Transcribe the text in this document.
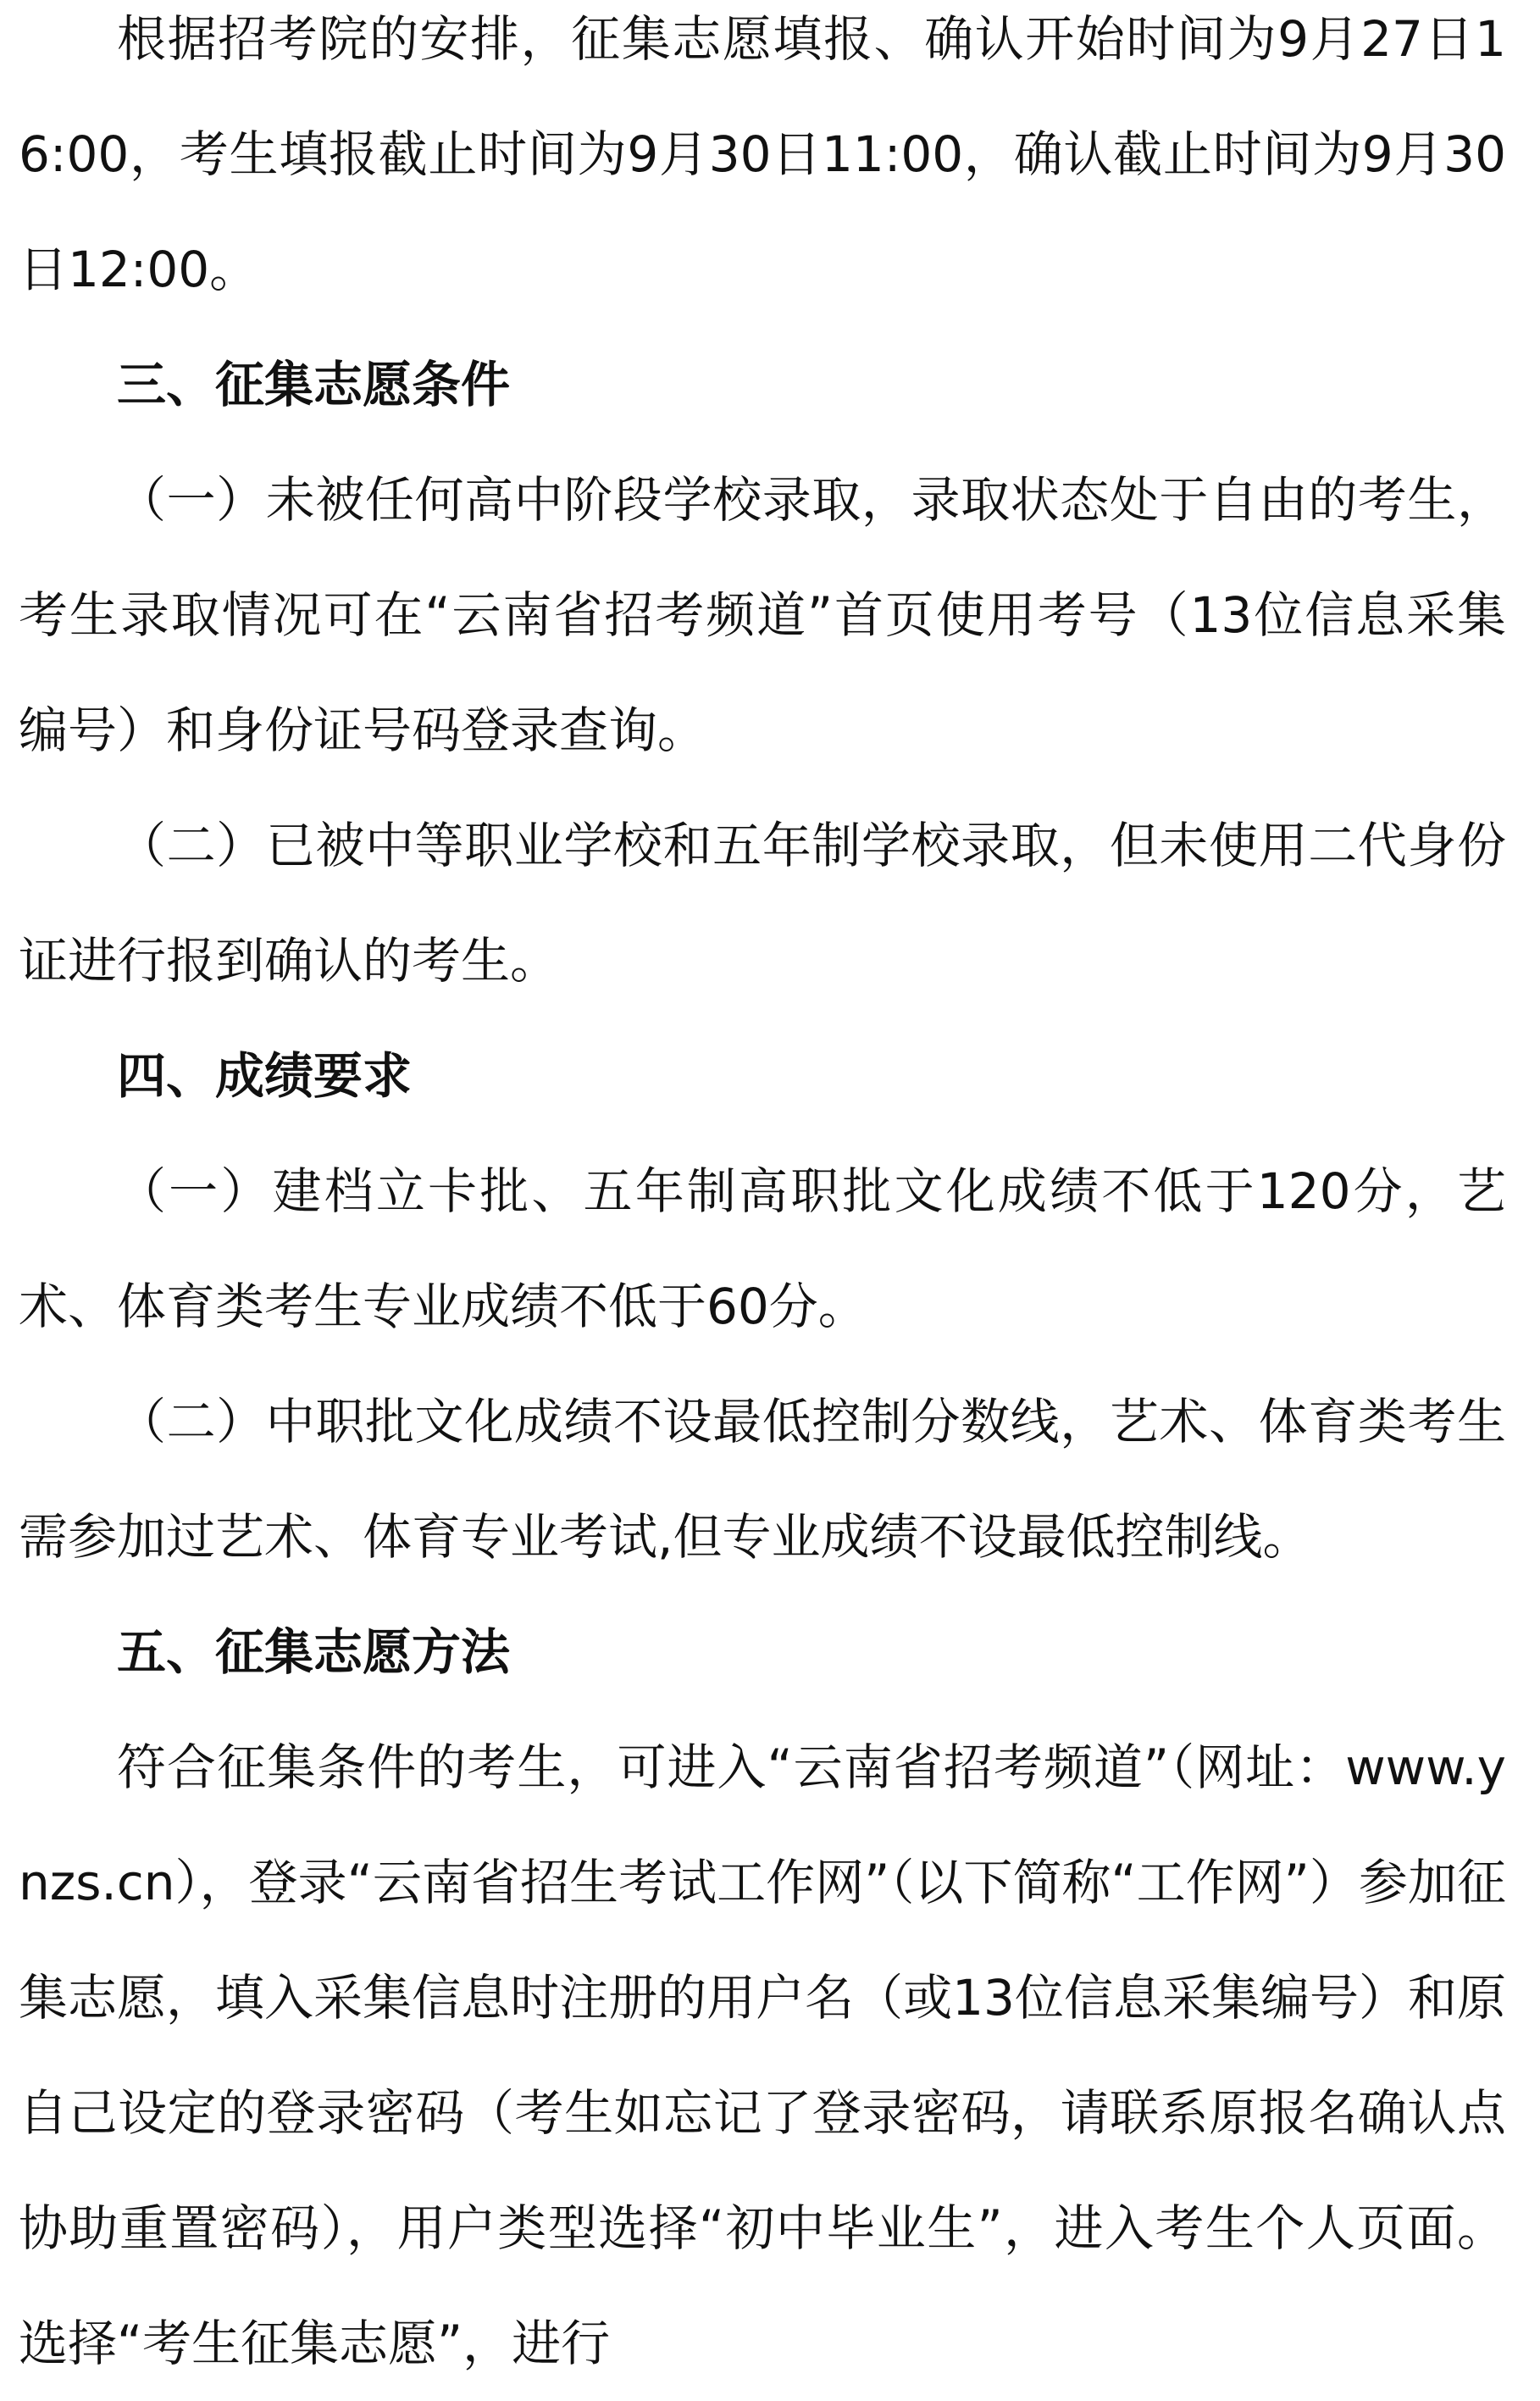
根据招考院的安排，征集志愿填报、确认开始时间为9月27日16:00，考生填报截止时间为9月30日11:00，确认截止时间为9月30日12:00。

三、征集志愿条件

（一）未被任何高中阶段学校录取，录取状态处于自由的考生，考生录取情况可在“云南省招考频道”首页使用考号（13位信息采集编号）和身份证号码登录查询。

（二）已被中等职业学校和五年制学校录取，但未使用二代身份证进行报到确认的考生。

四、成绩要求

（一）建档立卡批、五年制高职批文化成绩不低于120分，艺术、体育类考生专业成绩不低于60分。

（二）中职批文化成绩不设最低控制分数线，艺术、体育类考生需参加过艺术、体育专业考试,但专业成绩不设最低控制线。

五、征集志愿方法

符合征集条件的考生，可进入“云南省招考频道”（网址：www.ynzs.cn），登录“云南省招生考试工作网”（以下简称“工作网”）参加征集志愿，填入采集信息时注册的用户名（或13位信息采集编号）和原自己设定的登录密码（考生如忘记了登录密码，请联系原报名确认点协助重置密码），用户类型选择“初中毕业生”，进入考生个人页面。选择“考生征集志愿”，进行
